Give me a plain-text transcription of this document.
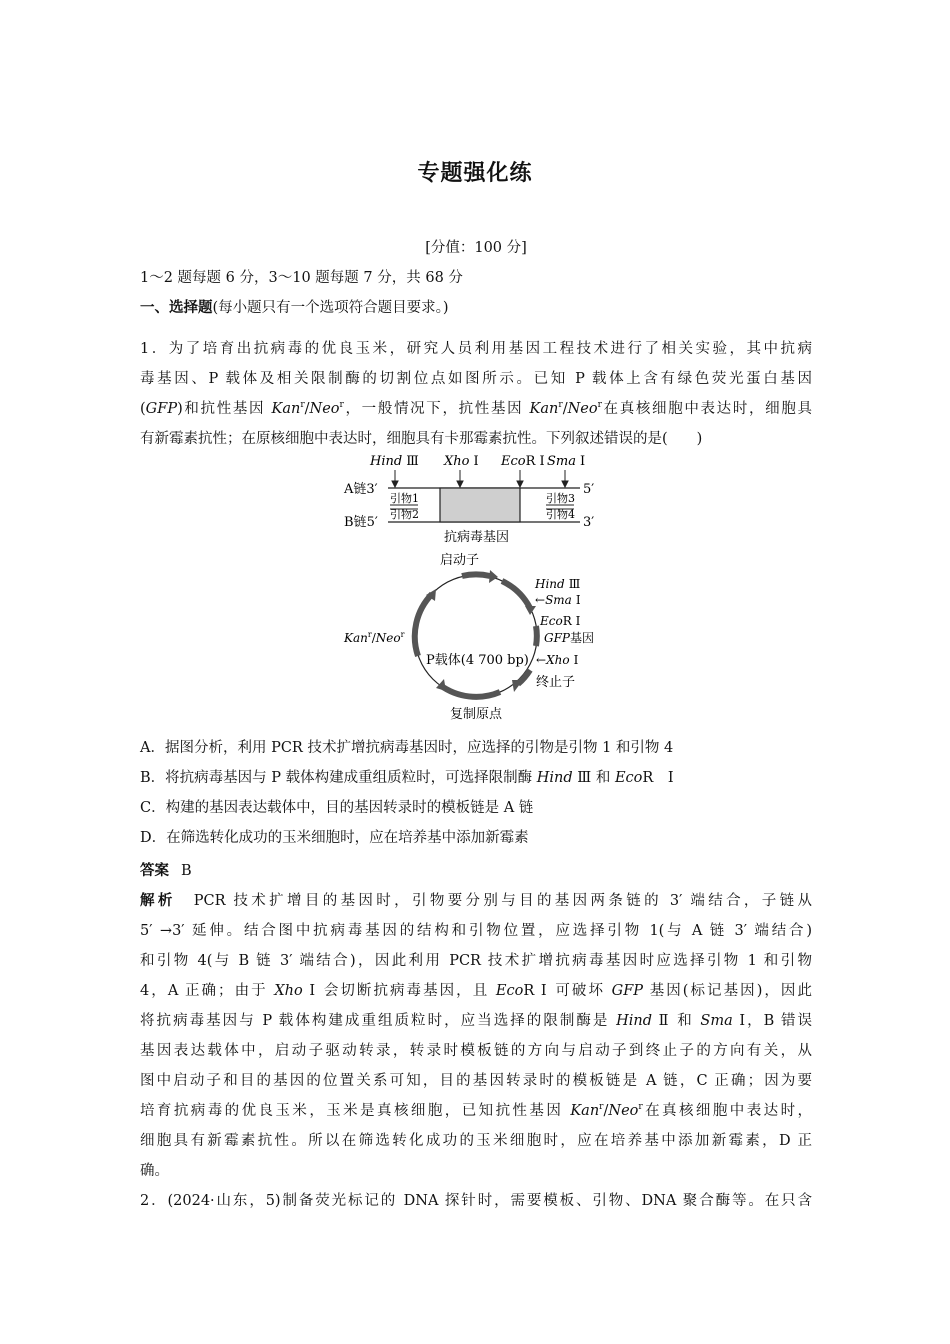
专题强化练
[分值：100 分]
1～2 题每题 6 分，3～10 题每题 7 分，共 68 分
一、选择题(每小题只有一个选项符合题目要求。)
1．为了培育出抗病毒的优良玉米，研究人员利用基因工程技术进行了相关实验，其中抗病
毒基因、P 载体及相关限制酶的切割位点如图所示。已知 P 载体上含有绿色荧光蛋白基因
(GFP)和抗性基因 Kan$^r$/Neo$^r$，一般情况下，抗性基因 Kan$^r$/Neo$^r$在真核细胞中表达时，细胞具
有新霉素抗性；在原核细胞中表达时，细胞具有卡那霉素抗性。下列叙述错误的是(　　)
Hind Ⅲ Xho Ⅰ EcoR Ⅰ Sma Ⅰ
A链3′	5′
B链5′	3′
引物1
引物2
引物3
引物4
抗病毒基因
启动子
Hind Ⅲ
←Sma Ⅰ
EcoR Ⅰ
GFP基因
←Xho Ⅰ
终止子
Kan$^r$/Neo$^r$
P载体(4 700 bp)
复制原点
A．据图分析，利用 PCR 技术扩增抗病毒基因时，应选择的引物是引物 1 和引物 4
B．将抗病毒基因与 P 载体构建成重组质粒时，可选择限制酶 Hind Ⅲ 和 EcoR　Ⅰ
C．构建的基因表达载体中，目的基因转录时的模板链是 A 链
D．在筛选转化成功的玉米细胞时，应在培养基中添加新霉素
答案 B
解析 PCR 技术扩增目的基因时，引物要分别与目的基因两条链的 3′ 端结合，子链从
5′ →3′ 延伸。结合图中抗病毒基因的结构和引物位置，应选择引物 1(与 A 链 3′ 端结合)
和引物 4(与 B 链 3′ 端结合)，因此利用 PCR 技术扩增抗病毒基因时应选择引物 1 和引物
4，A 正确；由于 Xho Ⅰ 会切断抗病毒基因，且 EcoR Ⅰ 可破坏 GFP 基因(标记基因)，因此
将抗病毒基因与 P 载体构建成重组质粒时，应当选择的限制酶是 Hind Ⅱ 和 Sma Ⅰ，B 错误
基因表达载体中，启动子驱动转录，转录时模板链的方向与启动子到终止子的方向有关，从
图中启动子和目的基因的位置关系可知，目的基因转录时的模板链是 A 链，C 正确；因为要
培育抗病毒的优良玉米，玉米是真核细胞，已知抗性基因 Kan$^r$/Neo$^r$在真核细胞中表达时，
细胞具有新霉素抗性。所以在筛选转化成功的玉米细胞时，应在培养基中添加新霉素，D 正
确。
2．(2024·山东，5)制备荧光标记的 DNA 探针时，需要模板、引物、DNA 聚合酶等。在只含
